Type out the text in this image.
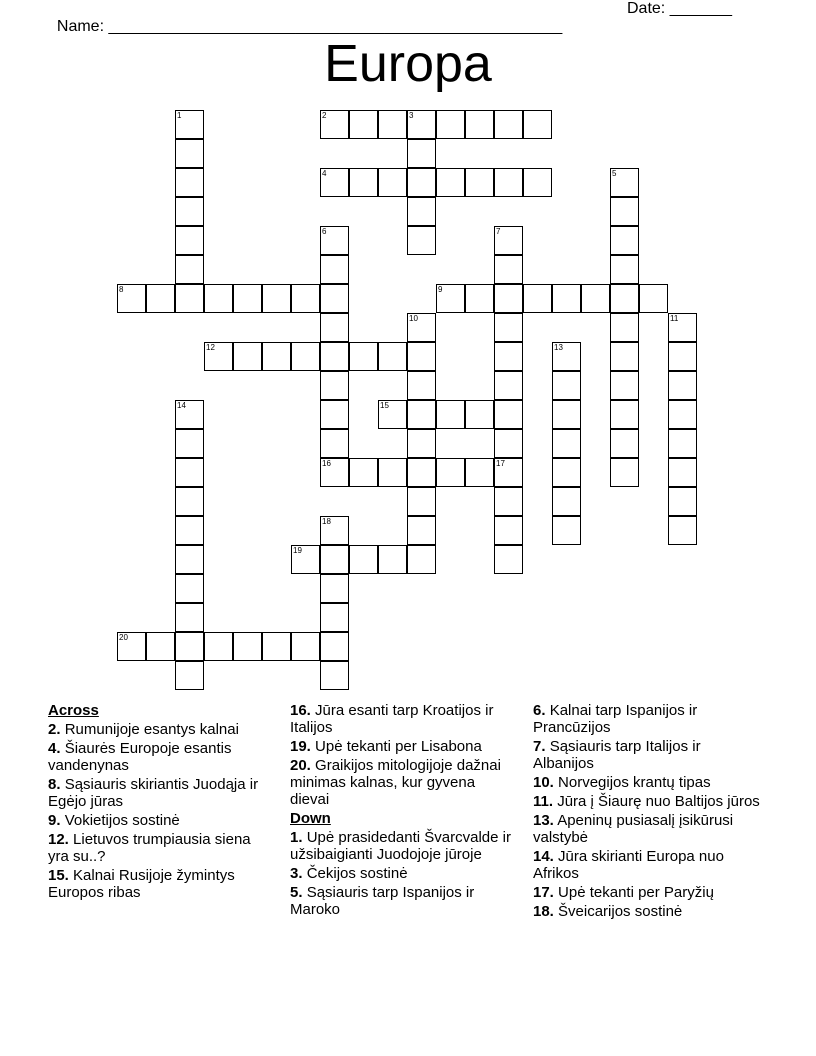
Name: ___________________________________________________

Date: _______

Europa
1	2	3
4	5
6	7
8	9
10	11
12	13
14	15
16	17
18
19
20
Across
2. Rumunijoje esantys kalnai
4. Šiaurės Europoje esantis vandenynas
8. Sąsiauris skiriantis Juodąja ir Egėjo jūras
9. Vokietijos sostinė
12. Lietuvos trumpiausia siena yra su..?
15. Kalnai Rusijoje žymintys Europos ribas
16. Jūra esanti tarp Kroatijos ir Italijos
19. Upė tekanti per Lisabona
20. Graikijos mitologijoje dažnai minimas kalnas, kur gyvena dievai
Down
1. Upė prasidedanti Švarcvalde ir užsibaigianti Juodojoje jūroje
3. Čekijos sostinė
5. Sąsiauris tarp Ispanijos ir Maroko
6. Kalnai tarp Ispanijos ir Prancūzijos
7. Sąsiauris tarp Italijos ir Albanijos
10. Norvegijos krantų tipas
11. Jūra į Šiaurę nuo Baltijos jūros
13. Apeninų pusiasalį įsikūrusi valstybė
14. Jūra skirianti Europa nuo Afrikos
17. Upė tekanti per Paryžių
18. Šveicarijos sostinė
